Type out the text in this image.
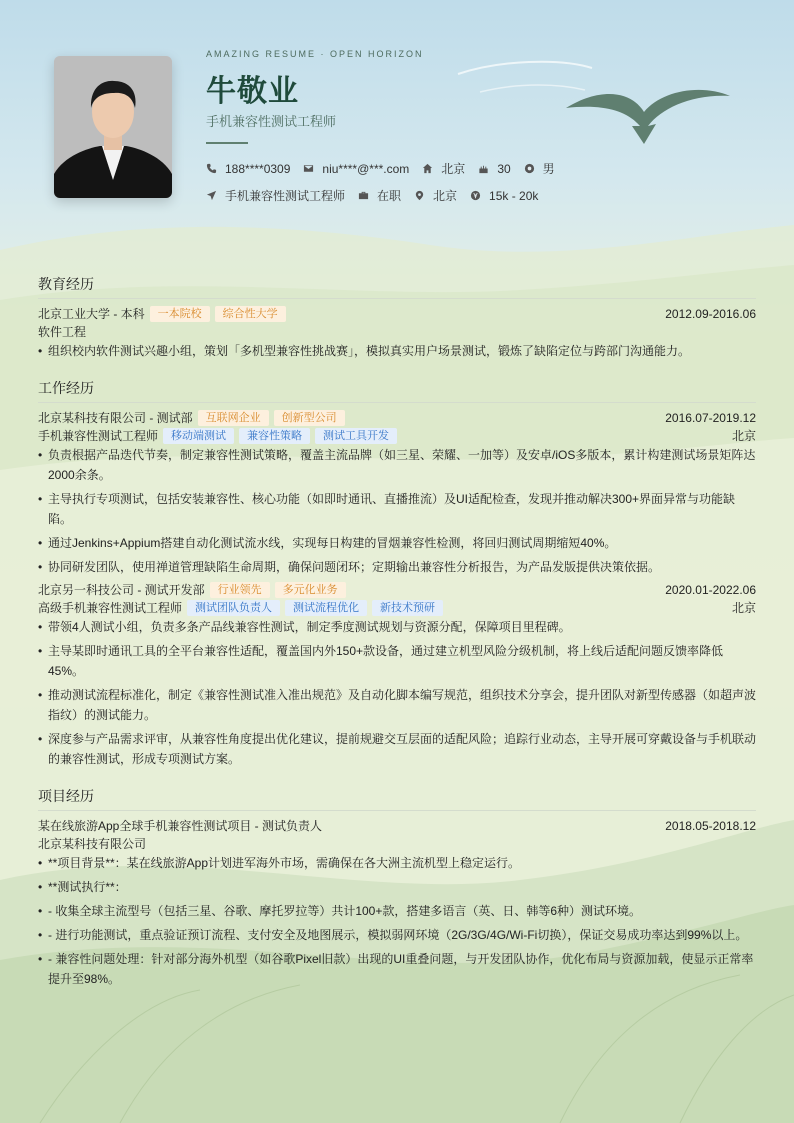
AMAZING RESUME · OPEN HORIZON
牛敬业
手机兼容性测试工程师
188****0309	niu****@***.com	北京	30	男
手机兼容性测试工程师	在职	北京	15k - 20k
教育经历
北京工业大学 - 本科	一本院校	综合性大学	2012.09-2016.06
软件工程
• 组织校内软件测试兴趣小组，策划「多机型兼容性挑战赛」，模拟真实用户场景测试，锻炼了缺陷定位与跨部门沟通能力。
工作经历
北京某科技有限公司 - 测试部	互联网企业	创新型公司	2016.07-2019.12
手机兼容性测试工程师	移动端测试	兼容性策略	测试工具开发	北京
• 负责根据产品迭代节奏，制定兼容性测试策略，覆盖主流品牌（如三星、荣耀、一加等）及安卓/iOS多版本，累计构建测试场景矩阵达2000余条。
• 主导执行专项测试，包括安装兼容性、核心功能（如即时通讯、直播推流）及UI适配检查，发现并推动解决300+界面异常与功能缺陷。
• 通过Jenkins+Appium搭建自动化测试流水线，实现每日构建的冒烟兼容性检测，将回归测试周期缩短40%。
• 协同研发团队，使用禅道管理缺陷生命周期，确保问题闭环；定期输出兼容性分析报告，为产品发版提供决策依据。
北京另一科技公司 - 测试开发部	行业领先	多元化业务	2020.01-2022.06
高级手机兼容性测试工程师	测试团队负责人	测试流程优化	新技术预研	北京
• 带领4人测试小组，负责多条产品线兼容性测试，制定季度测试规划与资源分配，保障项目里程碑。
• 主导某即时通讯工具的全平台兼容性适配，覆盖国内外150+款设备，通过建立机型风险分级机制，将上线后适配问题反馈率降低45%。
• 推动测试流程标准化，制定《兼容性测试准入准出规范》及自动化脚本编写规范，组织技术分享会，提升团队对新型传感器（如超声波指纹）的测试能力。
• 深度参与产品需求评审，从兼容性角度提出优化建议，提前规避交互层面的适配风险；追踪行业动态，主导开展可穿戴设备与手机联动的兼容性测试，形成专项测试方案。
项目经历
某在线旅游App全球手机兼容性测试项目 - 测试负责人	2018.05-2018.12
北京某科技有限公司
• **项目背景**：某在线旅游App计划进军海外市场，需确保在各大洲主流机型上稳定运行。
• **测试执行**：
• - 收集全球主流型号（包括三星、谷歌、摩托罗拉等）共计100+款，搭建多语言（英、日、韩等6种）测试环境。
• - 进行功能测试，重点验证预订流程、支付安全及地图展示，模拟弱网环境（2G/3G/4G/Wi-Fi切换），保证交易成功率达到99%以上。
• - 兼容性问题处理：针对部分海外机型（如谷歌Pixel旧款）出现的UI重叠问题，与开发团队协作，优化布局与资源加载，使显示正常率提升至98%。
